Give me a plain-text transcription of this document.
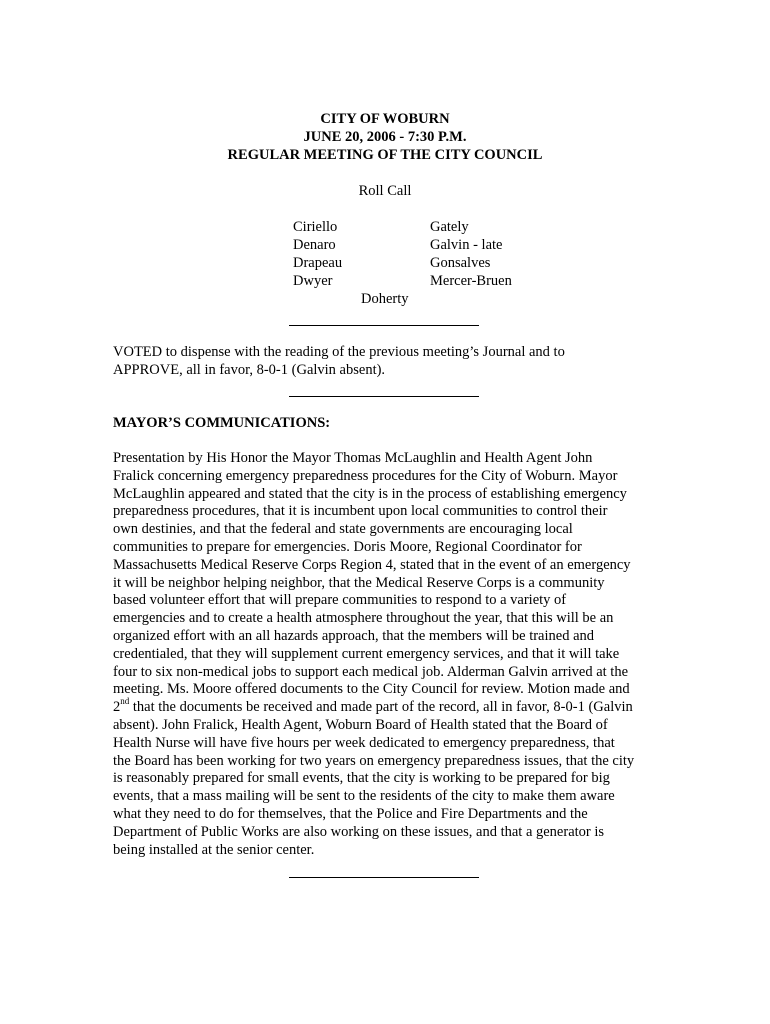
CITY OF WOBURN
JUNE 20, 2006 - 7:30 P.M.
REGULAR MEETING OF THE CITY COUNCIL
Roll Call
Ciriello
Denaro
Drapeau
Dwyer
Gately
Galvin - late
Gonsalves
Mercer-Bruen
Doherty

VOTED to dispense with the reading of the previous meeting’s Journal and to

APPROVE, all in favor, 8-0-1 (Galvin absent).

MAYOR’S COMMUNICATIONS:

Presentation by His Honor the Mayor Thomas McLaughlin and Health Agent John

Fralick concerning emergency preparedness procedures for the City of Woburn. Mayor

McLaughlin appeared and stated that the city is in the process of establishing emergency

preparedness procedures, that it is incumbent upon local communities to control their

own destinies, and that the federal and state governments are encouraging local

communities to prepare for emergencies. Doris Moore, Regional Coordinator for

Massachusetts Medical Reserve Corps Region 4, stated that in the event of an emergency

it will be neighbor helping neighbor, that the Medical Reserve Corps is a community

based volunteer effort that will prepare communities to respond to a variety of

emergencies and to create a health atmosphere throughout the year, that this will be an

organized effort with an all hazards approach, that the members will be trained and

credentialed, that they will supplement current emergency services, and that it will take

four to six non-medical jobs to support each medical job. Alderman Galvin arrived at the

meeting. Ms. Moore offered documents to the City Council for review. Motion made and

2nd that the documents be received and made part of the record, all in favor, 8-0-1 (Galvin

absent). John Fralick, Health Agent, Woburn Board of Health stated that the Board of

Health Nurse will have five hours per week dedicated to emergency preparedness, that

the Board has been working for two years on emergency preparedness issues, that the city

is reasonably prepared for small events, that the city is working to be prepared for big

events, that a mass mailing will be sent to the residents of the city to make them aware

what they need to do for themselves, that the Police and Fire Departments and the

Department of Public Works are also working on these issues, and that a generator is

being installed at the senior center.
